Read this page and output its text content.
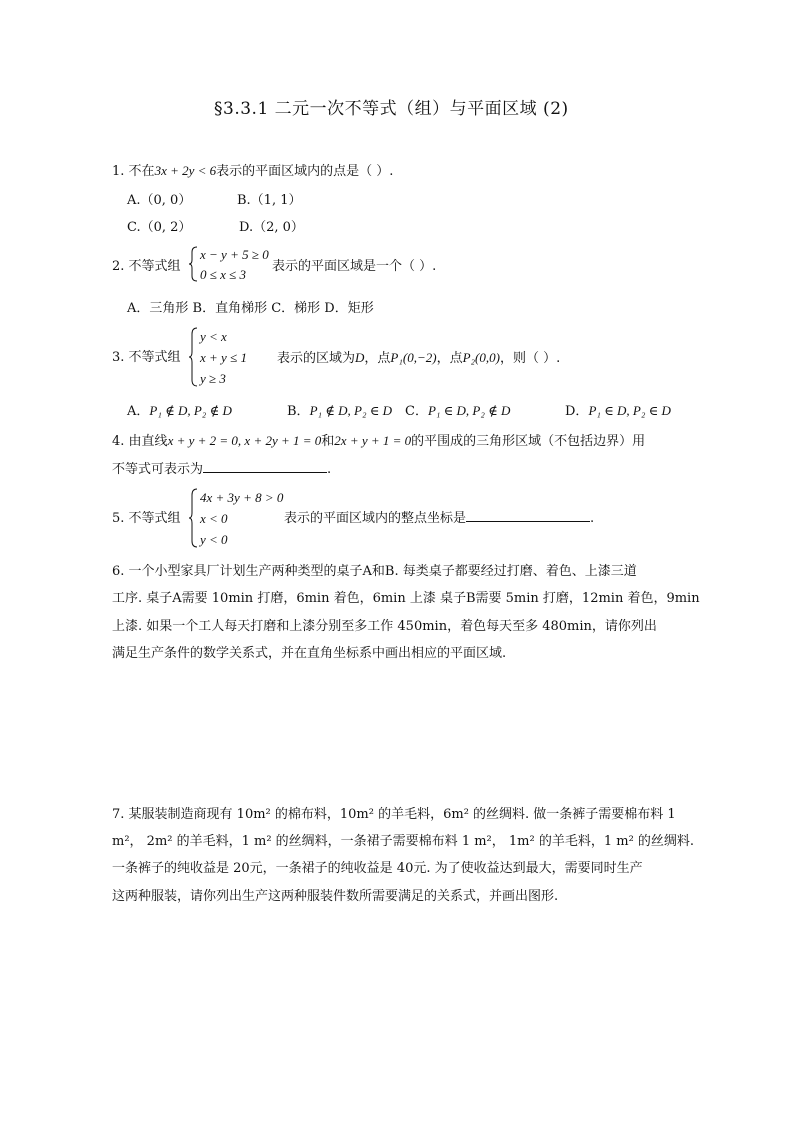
§3.3.1 二元一次不等式（组）与平面区域 (2)
1. 不在3x + 2y < 6表示的平面区域内的点是（ ）.
A.（0, 0）	B.（1, 1）
C.（0, 2）	D.（2, 0）
2. 不等式组
x − y + 5 ≥ 0
0 ≤ x ≤ 3
表示的平面区域是一个（ ）.
A．三角形 B．直角梯形 C．梯形 D．矩形
3. 不等式组
y < x
x + y ≤ 1
y ≥ 3
表示的区域为D，点P₁(0,−2)，点P₂(0,0)，则（ ）.
A．P₁ ∉ D, P₂ ∉ D	B．P₁ ∉ D, P₂ ∈ D C．P₁ ∈ D, P₂ ∉ D	D．P₁ ∈ D, P₂ ∈ D
4. 由直线x + y + 2 = 0, x + 2y + 1 = 0和2x + y + 1 = 0的平围成的三角形区域（不包括边界）用
不等式可表示为	.
5. 不等式组
4x + 3y + 8 > 0
x < 0
y < 0
表示的平面区域内的整点坐标是	.
6. 一个小型家具厂计划生产两种类型的桌子A和B. 每类桌子都要经过打磨、着色、上漆三道
工序. 桌子A需要 10min 打磨，6min 着色，6min 上漆 桌子B需要 5min 打磨，12min 着色，9min
上漆. 如果一个工人每天打磨和上漆分别至多工作 450min，着色每天至多 480min，请你列出
满足生产条件的数学关系式，并在直角坐标系中画出相应的平面区域.
7. 某服装制造商现有 10m² 的棉布料，10m² 的羊毛料，6m² 的丝绸料. 做一条裤子需要棉布料 1
m²， 2m² 的羊毛料，1 m² 的丝绸料，一条裙子需要棉布料 1 m²， 1m² 的羊毛料，1 m² 的丝绸料.
一条裤子的纯收益是 20元，一条裙子的纯收益是 40元. 为了使收益达到最大，需要同时生产
这两种服装，请你列出生产这两种服装件数所需要满足的关系式，并画出图形.
